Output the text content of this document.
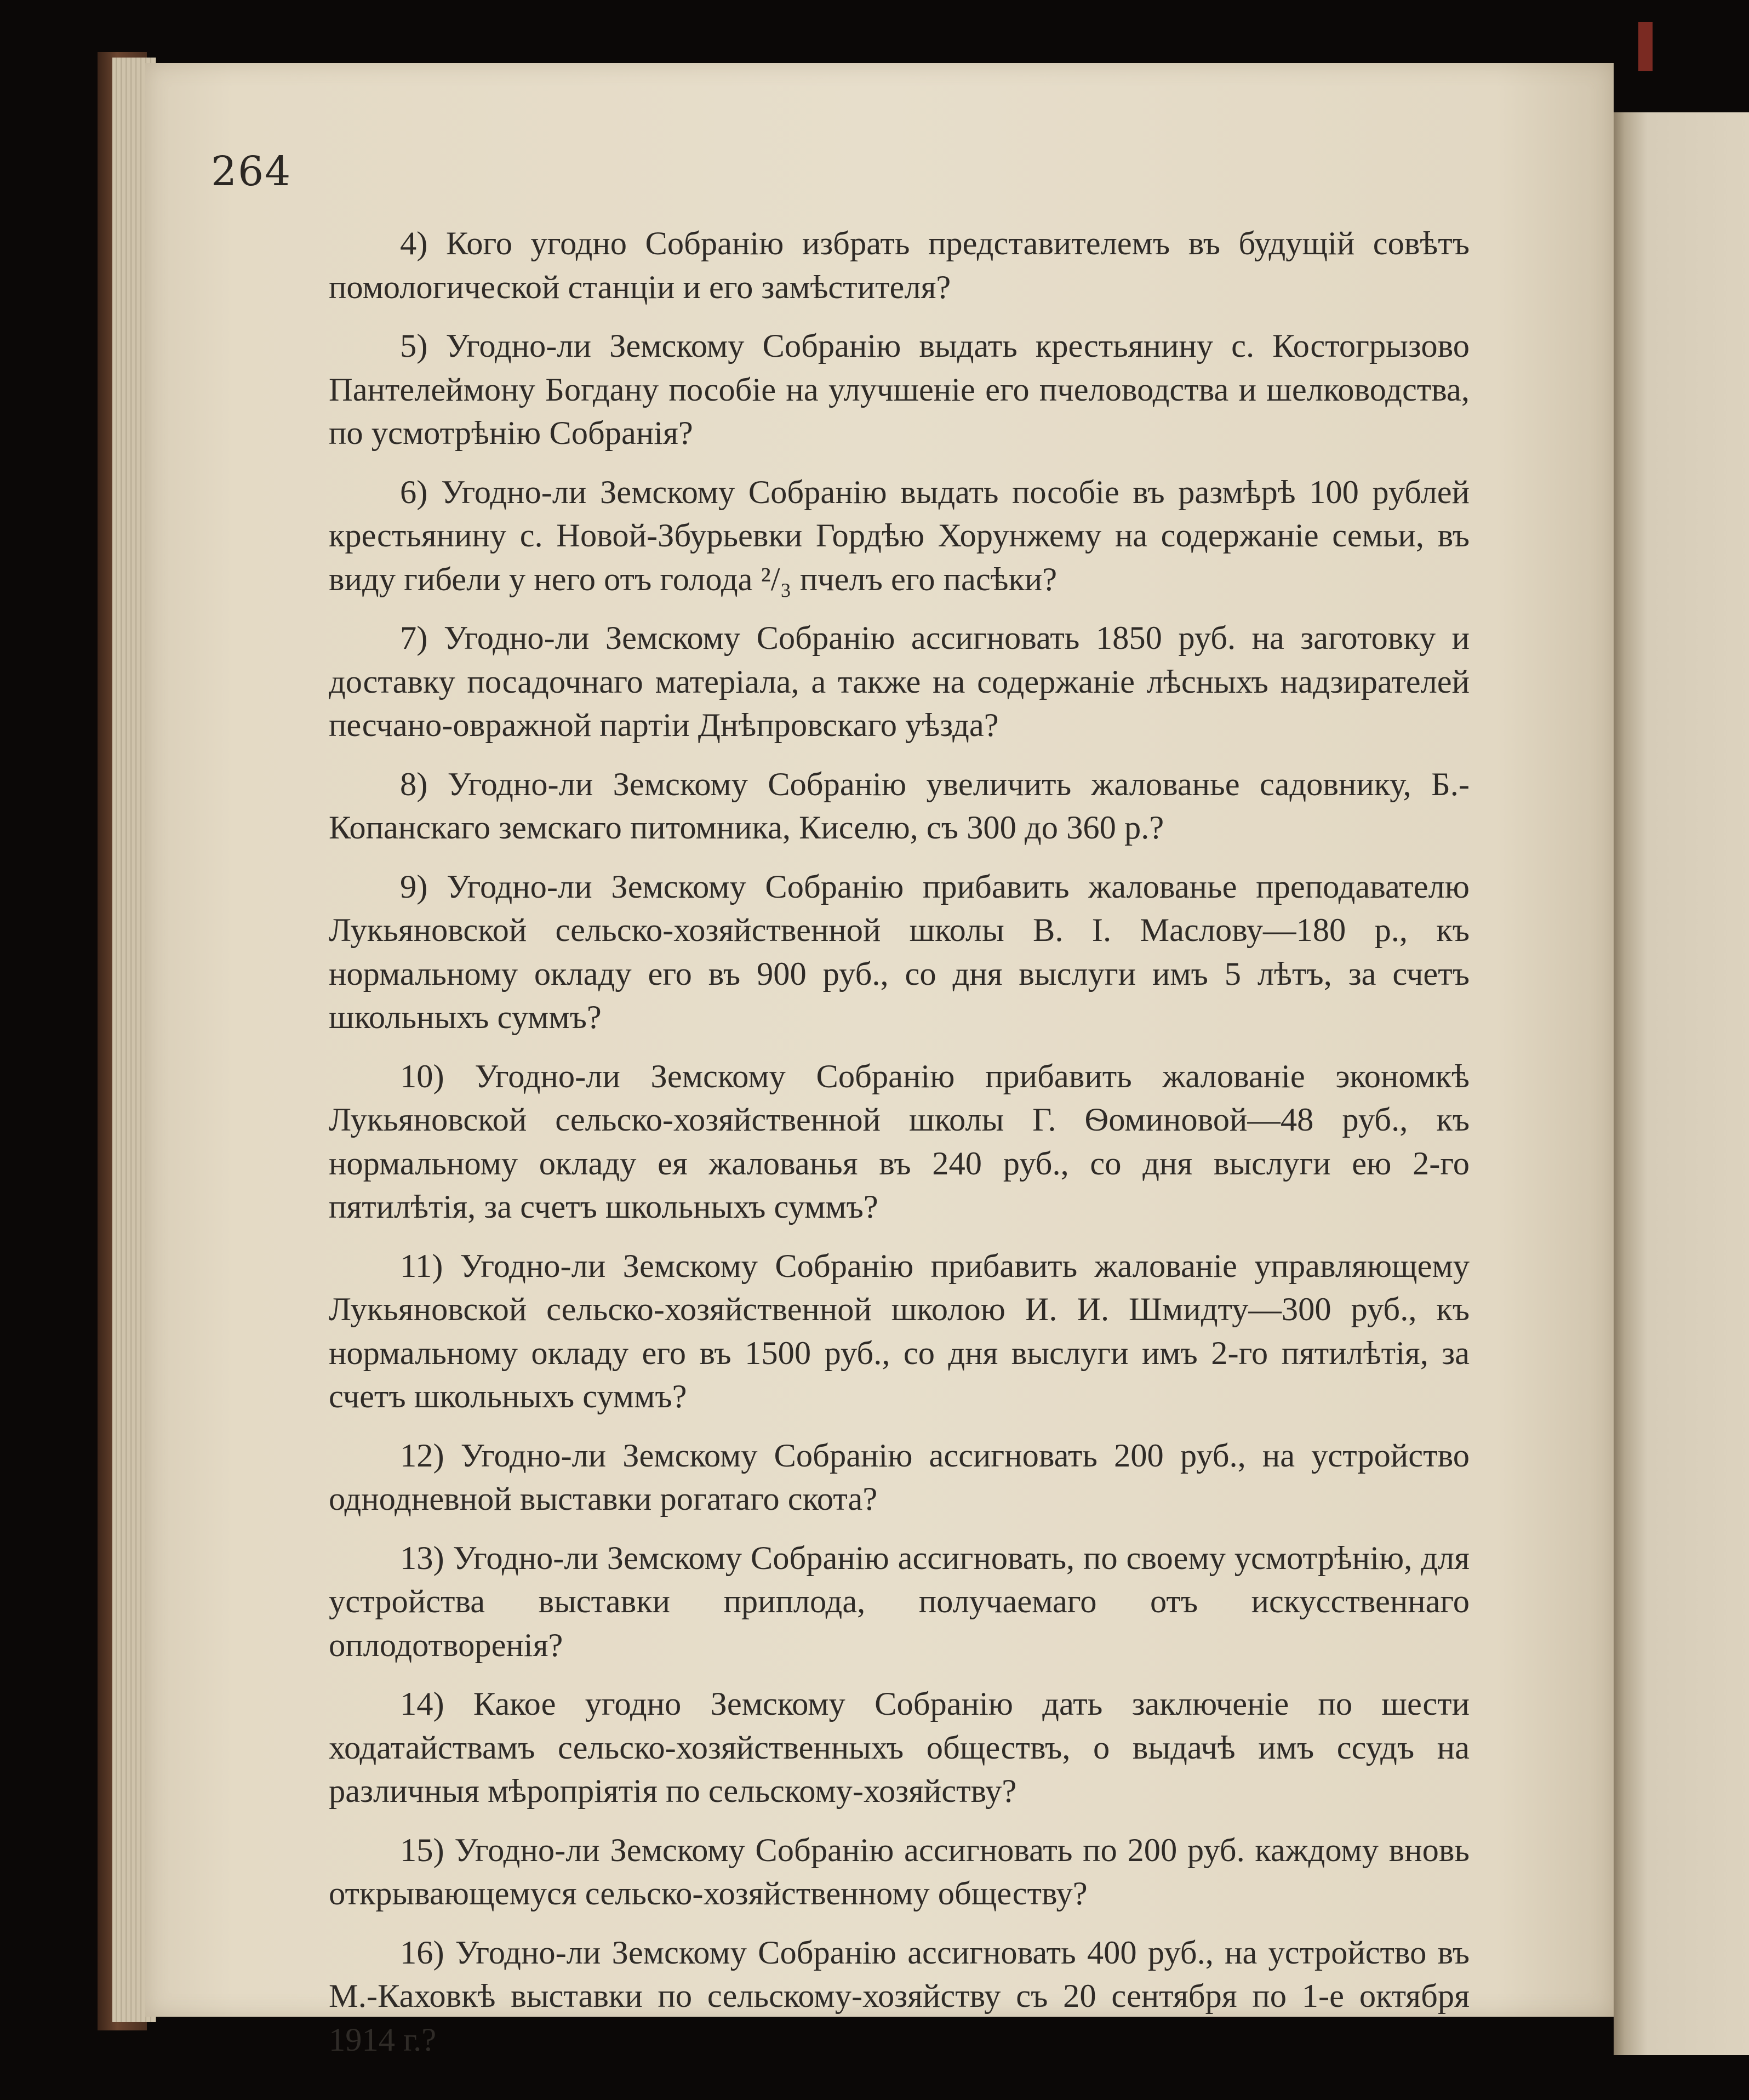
264

4) Кого угодно Собранію избрать представителемъ въ будущій совѣтъ помологической станціи и его замѣстителя?

5) Угодно-ли Земскому Собранію выдать крестьянину с. Костогрызово Пантелеймону Богдану пособіе на улучшеніе его пчеловодства и шелководства, по усмотрѣнію Собранія?

6) Угодно-ли Земскому Собранію выдать пособіе въ размѣрѣ 100 рублей крестьянину с. Новой-Збурьевки Гордѣю Хорунжему на содержаніе семьи, въ виду гибели у него отъ голода ²/₃ пчелъ его пасѣки?

7) Угодно-ли Земскому Собранію ассигновать 1850 руб. на заготовку и доставку посадочнаго матеріала, а также на содержаніе лѣсныхъ надзирателей песчано-овражной партіи Днѣпровскаго уѣзда?

8) Угодно-ли Земскому Собранію увеличить жалованье садовнику, Б.-Копанскаго земскаго питомника, Киселю, съ 300 до 360 р.?

9) Угодно-ли Земскому Собранію прибавить жалованье преподавателю Лукьяновской сельско-хозяйственной школы В. І. Маслову—180 р., къ нормальному окладу его въ 900 руб., со дня выслуги имъ 5 лѣтъ, за счетъ школьныхъ суммъ?

10) Угодно-ли Земскому Собранію прибавить жалованіе экономкѣ Лукьяновской сельско-хозяйственной школы Г. Ѳоминовой—48 руб., къ нормальному окладу ея жалованья въ 240 руб., со дня выслуги ею 2-го пятилѣтія, за счетъ школьныхъ суммъ?

11) Угодно-ли Земскому Собранію прибавить жалованіе управляющему Лукьяновской сельско-хозяйственной школою И. И. Шмидту—300 руб., къ нормальному окладу его въ 1500 руб., со дня выслуги имъ 2-го пятилѣтія, за счетъ школьныхъ суммъ?

12) Угодно-ли Земскому Собранію ассигновать 200 руб., на устройство однодневной выставки рогатаго скота?

13) Угодно-ли Земскому Собранію ассигновать, по своему усмотрѣнію, для устройства выставки приплода, получаемаго отъ искусственнаго оплодотворенія?

14) Какое угодно Земскому Собранію дать заключеніе по шести ходатайствамъ сельско-хозяйственныхъ обществъ, о выдачѣ имъ ссудъ на различныя мѣропріятія по сельскому-хозяйству?

15) Угодно-ли Земскому Собранію ассигновать по 200 руб. каждому вновь открывающемуся сельско-хозяйственному обществу?

16) Угодно-ли Земскому Собранію ассигновать 400 руб., на устройство въ М.-Каховкѣ выставки по сельскому-хозяйству съ 20 сентября по 1-е октября 1914 г.?
